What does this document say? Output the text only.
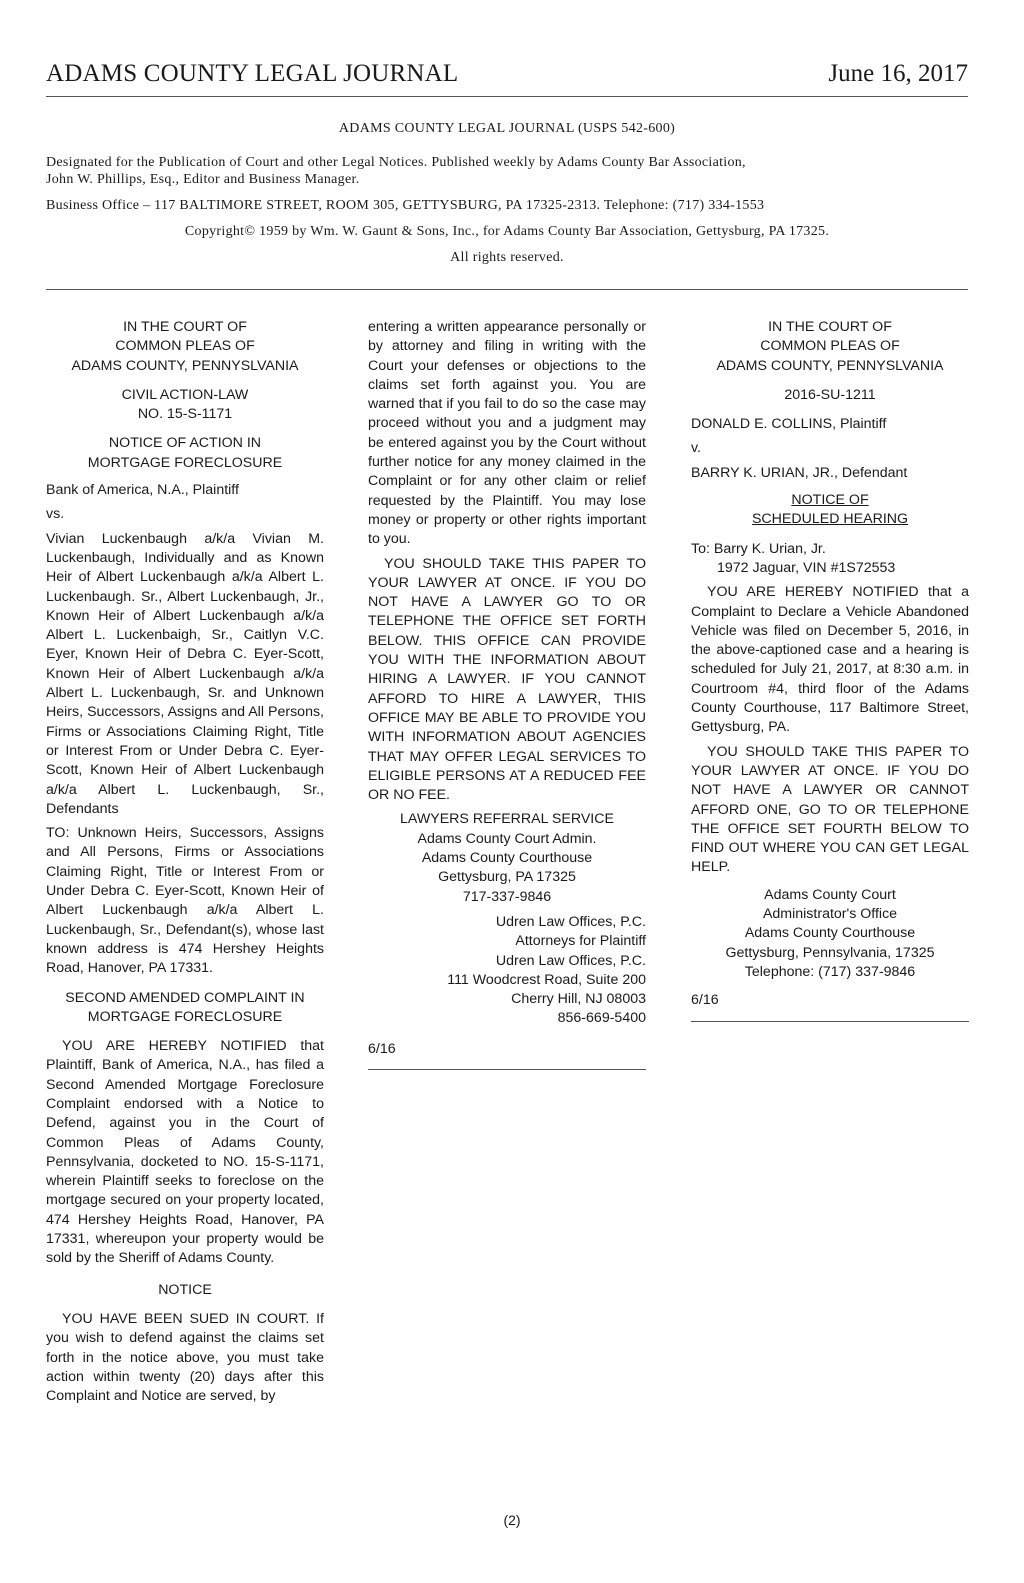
ADAMS COUNTY LEGAL JOURNAL	June 16, 2017

ADAMS COUNTY LEGAL JOURNAL (USPS 542-600)

Designated for the Publication of Court and other Legal Notices. Published weekly by Adams County Bar Association,

John W. Phillips, Esq., Editor and Business Manager.

Business Office – 117 BALTIMORE STREET, ROOM 305, GETTYSBURG, PA 17325-2313. Telephone: (717) 334-1553

Copyright© 1959 by Wm. W. Gaunt & Sons, Inc., for Adams County Bar Association, Gettysburg, PA 17325.

All rights reserved.

IN THE COURT OF

COMMON PLEAS OF

ADAMS COUNTY, PENNYSLVANIA

CIVIL ACTION-LAW

NO. 15-S-1171

NOTICE OF ACTION IN

MORTGAGE FORECLOSURE

Bank of America, N.A., Plaintiff

vs.

Vivian Luckenbaugh a/k/a Vivian M. Luckenbaugh, Individually and as Known Heir of Albert Luckenbaugh a/k/a Albert L. Luckenbaugh. Sr., Albert Luckenbaugh, Jr., Known Heir of Albert Luckenbaugh a/k/a Albert L. Luckenbaigh, Sr., Caitlyn V.C. Eyer, Known Heir of Debra C. Eyer-Scott, Known Heir of Albert Luckenbaugh a/k/a Albert L. Luckenbaugh, Sr. and Unknown Heirs, Successors, Assigns and All Persons, Firms or Associations Claiming Right, Title or Interest From or Under Debra C. Eyer-Scott, Known Heir of Albert Luckenbaugh a/k/a Albert L. Luckenbaugh, Sr., Defendants

TO: Unknown Heirs, Successors, Assigns and All Persons, Firms or Associations Claiming Right, Title or Interest From or Under Debra C. Eyer-Scott, Known Heir of Albert Luckenbaugh a/k/a Albert L. Luckenbaugh, Sr., Defendant(s), whose last known address is 474 Hershey Heights Road, Hanover, PA 17331.

SECOND AMENDED COMPLAINT IN

MORTGAGE FORECLOSURE

YOU ARE HEREBY NOTIFIED that Plaintiff, Bank of America, N.A., has filed a Second Amended Mortgage Foreclosure Complaint endorsed with a Notice to Defend, against you in the Court of Common Pleas of Adams County, Pennsylvania, docketed to NO. 15-S-1171, wherein Plaintiff seeks to foreclose on the mortgage secured on your property located, 474 Hershey Heights Road, Hanover, PA 17331, whereupon your property would be sold by the Sheriff of Adams County.

NOTICE

YOU HAVE BEEN SUED IN COURT. If you wish to defend against the claims set forth in the notice above, you must take action within twenty (20) days after this Complaint and Notice are served, by

entering a written appearance personally or by attorney and filing in writing with the Court your defenses or objections to the claims set forth against you. You are warned that if you fail to do so the case may proceed without you and a judgment may be entered against you by the Court without further notice for any money claimed in the Complaint or for any other claim or relief requested by the Plaintiff. You may lose money or property or other rights important to you.

YOU SHOULD TAKE THIS PAPER TO YOUR LAWYER AT ONCE. IF YOU DO NOT HAVE A LAWYER GO TO OR TELEPHONE THE OFFICE SET FORTH BELOW. THIS OFFICE CAN PROVIDE YOU WITH THE INFORMATION ABOUT HIRING A LAWYER. IF YOU CANNOT AFFORD TO HIRE A LAWYER, THIS OFFICE MAY BE ABLE TO PROVIDE YOU WITH INFORMATION ABOUT AGENCIES THAT MAY OFFER LEGAL SERVICES TO ELIGIBLE PERSONS AT A REDUCED FEE OR NO FEE.

LAWYERS REFERRAL SERVICE

Adams County Court Admin.

Adams County Courthouse

Gettysburg, PA 17325

717-337-9846

Udren Law Offices, P.C.

Attorneys for Plaintiff

Udren Law Offices, P.C.

111 Woodcrest Road, Suite 200

Cherry Hill, NJ 08003

856-669-5400

6/16

IN THE COURT OF

COMMON PLEAS OF

ADAMS COUNTY, PENNYSLVANIA

2016-SU-1211

DONALD E. COLLINS, Plaintiff

v.

BARRY K. URIAN, JR., Defendant

NOTICE OF

SCHEDULED HEARING

To: Barry K. Urian, Jr.

1972 Jaguar, VIN #1S72553

YOU ARE HEREBY NOTIFIED that a Complaint to Declare a Vehicle Abandoned Vehicle was filed on December 5, 2016, in the above-captioned case and a hearing is scheduled for July 21, 2017, at 8:30 a.m. in Courtroom #4, third floor of the Adams County Courthouse, 117 Baltimore Street, Gettysburg, PA.

YOU SHOULD TAKE THIS PAPER TO YOUR LAWYER AT ONCE. IF YOU DO NOT HAVE A LAWYER OR CANNOT AFFORD ONE, GO TO OR TELEPHONE THE OFFICE SET FOURTH BELOW TO FIND OUT WHERE YOU CAN GET LEGAL HELP.

Adams County Court

Administrator's Office

Adams County Courthouse

Gettysburg, Pennsylvania, 17325

Telephone: (717) 337-9846

6/16

(2)
